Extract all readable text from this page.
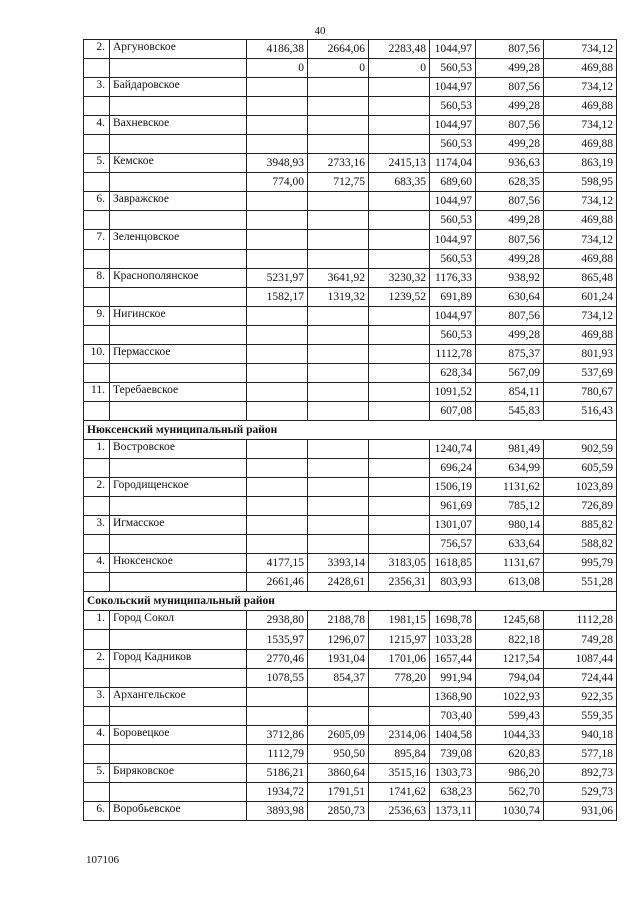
40
2.	Аргуновское	4186,38	2664,06	2283,48	1044,97	807,56	734,12
		0	0	0	560,53	499,28	469,88
3.	Байдаровское				1044,97	807,56	734,12
					560,53	499,28	469,88
4.	Вахневское				1044,97	807,56	734,12
					560,53	499,28	469,88
5.	Кемское	3948,93	2733,16	2415,13	1174,04	936,63	863,19
		774,00	712,75	683,35	689,60	628,35	598,95
6.	Завражское				1044,97	807,56	734,12
					560,53	499,28	469,88
7.	Зеленцовское				1044,97	807,56	734,12
					560,53	499,28	469,88
8.	Краснополянское	5231,97	3641,92	3230,32	1176,33	938,92	865,48
		1582,17	1319,32	1239,52	691,89	630,64	601,24
9.	Нигинское				1044,97	807,56	734,12
					560,53	499,28	469,88
10.	Пермасское				1112,78	875,37	801,93
					628,34	567,09	537,69
11.	Теребаевское				1091,52	854,11	780,67
					607,08	545,83	516,43
Нюксенский муниципальный район							
1.	Востровское				1240,74	981,49	902,59
					696,24	634,99	605,59
2.	Городищенское				1506,19	1131,62	1023,89
					961,69	785,12	726,89
3.	Игмасское				1301,07	980,14	885,82
					756,57	633,64	588,82
4.	Нюксенское	4177,15	3393,14	3183,05	1618,85	1131,67	995,79
		2661,46	2428,61	2356,31	803,93	613,08	551,28
Сокольский муниципальный район							
1.	Город Сокол	2938,80	2188,78	1981,15	1698,78	1245,68	1112,28
		1535,97	1296,07	1215,97	1033,28	822,18	749,28
2.	Город Кадников	2770,46	1931,04	1701,06	1657,44	1217,54	1087,44
		1078,55	854,37	778,20	991,94	794,04	724,44
3.	Архангельское				1368,90	1022,93	922,35
					703,40	599,43	559,35
4.	Боровецкое	3712,86	2605,09	2314,06	1404,58	1044,33	940,18
		1112,79	950,50	895,84	739,08	620,83	577,18
5.	Биряковское	5186,21	3860,64	3515,16	1303,73	986,20	892,73
		1934,72	1791,51	1741,62	638,23	562,70	529,73
6.	Воробьевское	3893,98	2850,73	2536,63	1373,11	1030,74	931,06
107106
